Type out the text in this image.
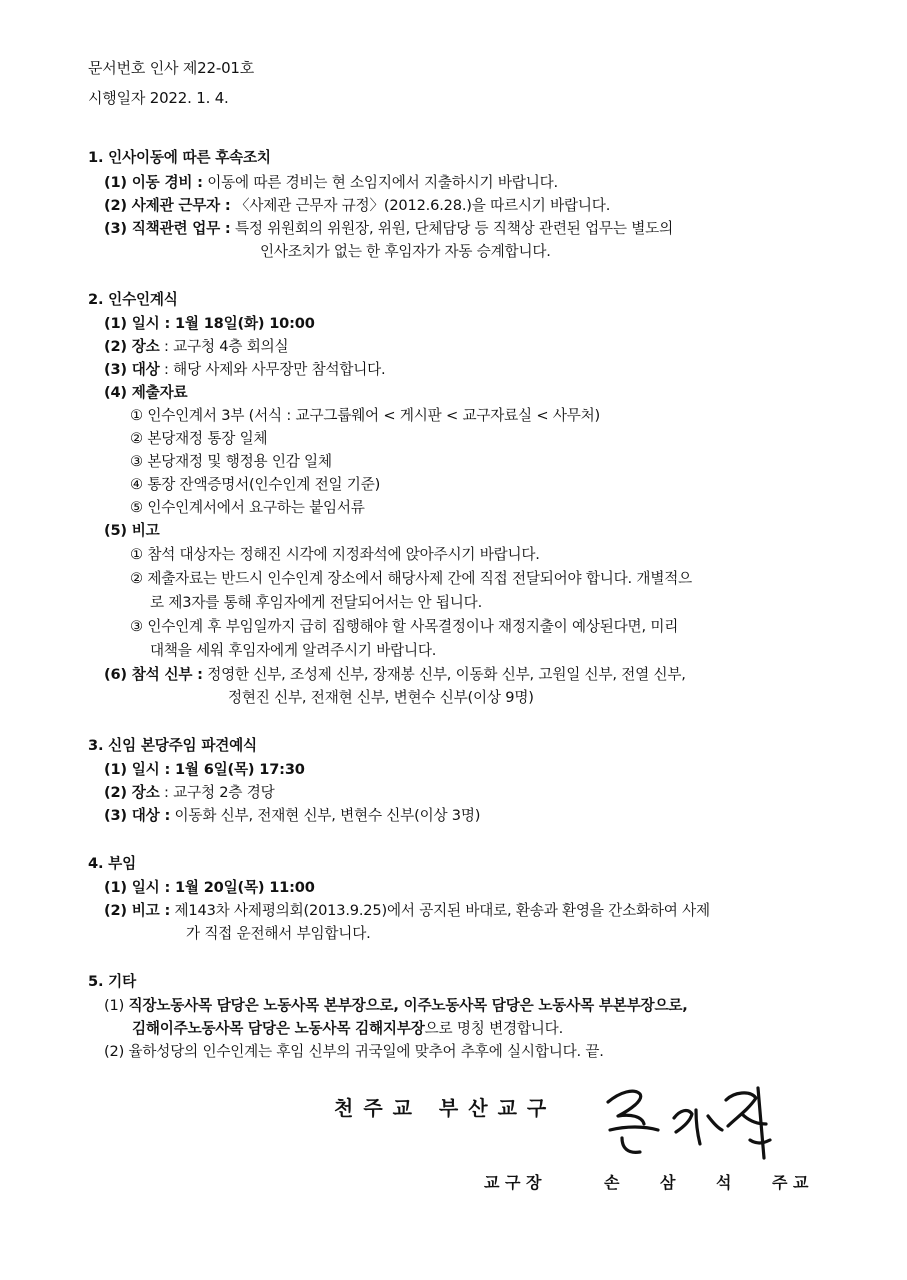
문서번호 인사 제22-01호
시행일자 2022. 1. 4.
1. 인사이동에 따른 후속조치
(1) 이동 경비 : 이동에 따른 경비는 현 소임지에서 지출하시기 바랍니다.
(2) 사제관 근무자 : 〈사제관 근무자 규정〉(2012.6.28.)을 따르시기 바랍니다.
(3) 직책관련 업무 : 특정 위원회의 위원장, 위원, 단체담당 등 직책상 관련된 업무는 별도의
인사조치가 없는 한 후임자가 자동 승계합니다.
2. 인수인계식
(1) 일시 : 1월 18일(화) 10:00
(2) 장소 : 교구청 4층 회의실
(3) 대상 : 해당 사제와 사무장만 참석합니다.
(4) 제출자료
① 인수인계서 3부 (서식 : 교구그룹웨어 < 게시판 < 교구자료실 < 사무처)
② 본당재정 통장 일체
③ 본당재정 및 행정용 인감 일체
④ 통장 잔액증명서(인수인계 전일 기준)
⑤ 인수인계서에서 요구하는 붙임서류
(5) 비고
① 참석 대상자는 정해진 시각에 지정좌석에 앉아주시기 바랍니다.
② 제출자료는 반드시 인수인계 장소에서 해당사제 간에 직접 전달되어야 합니다. 개별적으
로 제3자를 통해 후임자에게 전달되어서는 안 됩니다.
③ 인수인계 후 부임일까지 급히 집행해야 할 사목결정이나 재정지출이 예상된다면, 미리
대책을 세워 후임자에게 알려주시기 바랍니다.
(6) 참석 신부 : 정영한 신부, 조성제 신부, 장재봉 신부, 이동화 신부, 고원일 신부, 전열 신부,
정현진 신부, 전재현 신부, 변현수 신부(이상 9명)
3. 신임 본당주임 파견예식
(1) 일시 : 1월 6일(목) 17:30
(2) 장소 : 교구청 2층 경당
(3) 대상 : 이동화 신부, 전재현 신부, 변현수 신부(이상 3명)
4. 부임
(1) 일시 : 1월 20일(목) 11:00
(2) 비고 : 제143차 사제평의회(2013.9.25)에서 공지된 바대로, 환송과 환영을 간소화하여 사제
가 직접 운전해서 부임합니다.
5. 기타
(1) 직장노동사목 담당은 노동사목 본부장으로, 이주노동사목 담당은 노동사목 부본부장으로,
김해이주노동사목 담당은 노동사목 김해지부장으로 명칭 변경합니다.
(2) 율하성당의 인수인계는 후임 신부의 귀국일에 맞추어 추후에 실시합니다. 끝.
천주교 부산교구
교 구 장	손	삼	석	주 교
